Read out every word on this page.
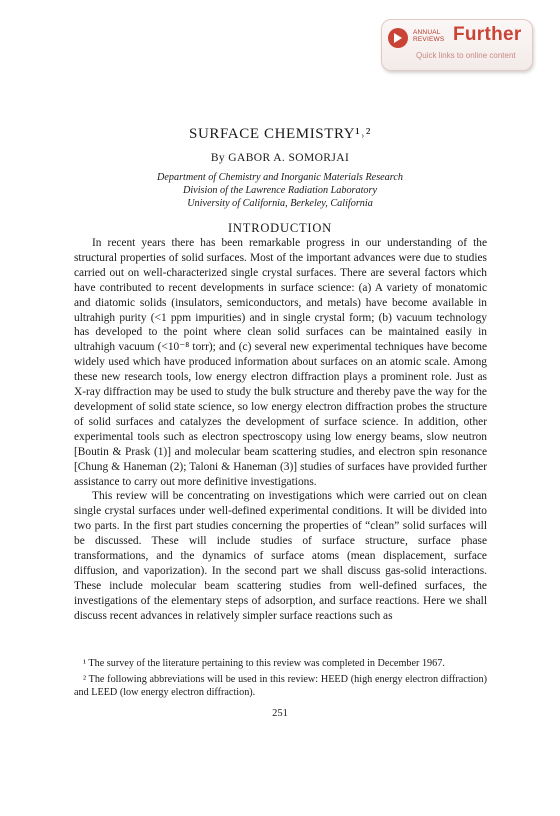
ANNUAL
REVIEWS Further
Quick links to online content
SURFACE CHEMISTRY¹˒²
By GABOR A. SOMORJAI
Department of Chemistry and Inorganic Materials Research
Division of the Lawrence Radiation Laboratory
University of California, Berkeley, California
INTRODUCTION

In recent years there has been remarkable progress in our understanding of the structural properties of solid surfaces. Most of the important advances were due to studies carried out on well-characterized single crystal surfaces. There are several factors which have contributed to recent developments in surface science: (a) A variety of monatomic and diatomic solids (insulators, semiconductors, and metals) have become available in ultrahigh purity (<1 ppm impurities) and in single crystal form; (b) vacuum technology has developed to the point where clean solid surfaces can be maintained easily in ultrahigh vacuum (<10⁻⁸ torr); and (c) several new experimental techniques have become widely used which have produced information about surfaces on an atomic scale. Among these new research tools, low energy electron diffraction plays a prominent role. Just as X-ray diffraction may be used to study the bulk structure and thereby pave the way for the development of solid state science, so low energy electron diffraction probes the structure of solid surfaces and catalyzes the development of surface science. In addition, other experimental tools such as electron spectroscopy using low energy beams, slow neutron [Boutin & Prask (1)] and molecular beam scattering studies, and electron spin resonance [Chung & Haneman (2); Taloni & Haneman (3)] studies of surfaces have provided further assistance to carry out more definitive investigations.

This review will be concentrating on investigations which were carried out on clean single crystal surfaces under well-defined experimental conditions. It will be divided into two parts. In the first part studies concerning the properties of “clean” solid surfaces will be discussed. These will include studies of surface structure, surface phase transformations, and the dynamics of surface atoms (mean displacement, surface diffusion, and vaporization). In the second part we shall discuss gas-solid interactions. These include molecular beam scattering studies from well-defined surfaces, the investigations of the elementary steps of adsorption, and surface reactions. Here we shall discuss recent advances in relatively simpler surface reactions such as

¹ The survey of the literature pertaining to this review was completed in December 1967.

² The following abbreviations will be used in this review: HEED (high energy electron diffraction) and LEED (low energy electron diffraction).

251
